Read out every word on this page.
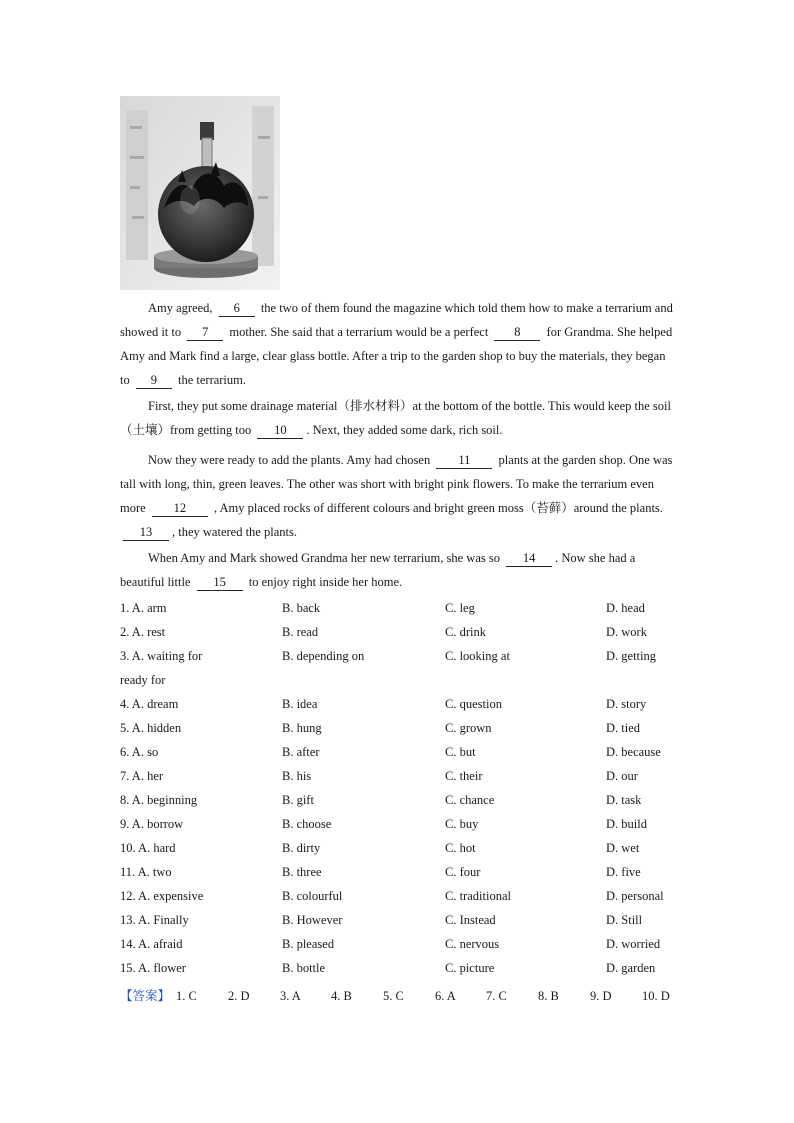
Amy agreed, 6 the two of them found the magazine which told them how to make a terrarium and showed it to 7 mother. She said that a terrarium would be a perfect 8 for Grandma. She helped Amy and Mark find a large, clear glass bottle. After a trip to the garden shop to buy the materials, they began to 9 the terrarium.

First, they put some drainage material（排水材料）at the bottom of the bottle. This would keep the soil（土壤）from getting too 10 . Next, they added some dark, rich soil.

Now they were ready to add the plants. Amy had chosen 11 plants at the garden shop. One was tall with long, thin, green leaves. The other was short with bright pink flowers. To make the terrarium even more 12 , Amy placed rocks of different colours and bright green moss（苔藓）around the plants. 13 , they watered the plants.

When Amy and Mark showed Grandma her new terrarium, she was so 14 . Now she had a beautiful little 15 to enjoy right inside her home.

1. A. arm	B. back	C. leg	D. head
2. A. rest	B. read	C. drink	D. work
3. A. waiting for	B. depending on	C. looking at	D. getting
ready for
4. A. dream	B. idea	C. question	D. story
5. A. hidden	B. hung	C. grown	D. tied
6. A. so	B. after	C. but	D. because
7. A. her	B. his	C. their	D. our
8. A. beginning	B. gift	C. chance	D. task
9. A. borrow	B. choose	C. buy	D. build
10. A. hard	B. dirty	C. hot	D. wet
11. A. two	B. three	C. four	D. five
12. A. expensive	B. colourful	C. traditional	D. personal
13. A. Finally	B. However	C. Instead	D. Still
14. A. afraid	B. pleased	C. nervous	D. worried
15. A. flower	B. bottle	C. picture	D. garden
【答案】 1. C 2. D 3. A 4. B 5. C 6. A 7. C 8. B 9. D 10. D
